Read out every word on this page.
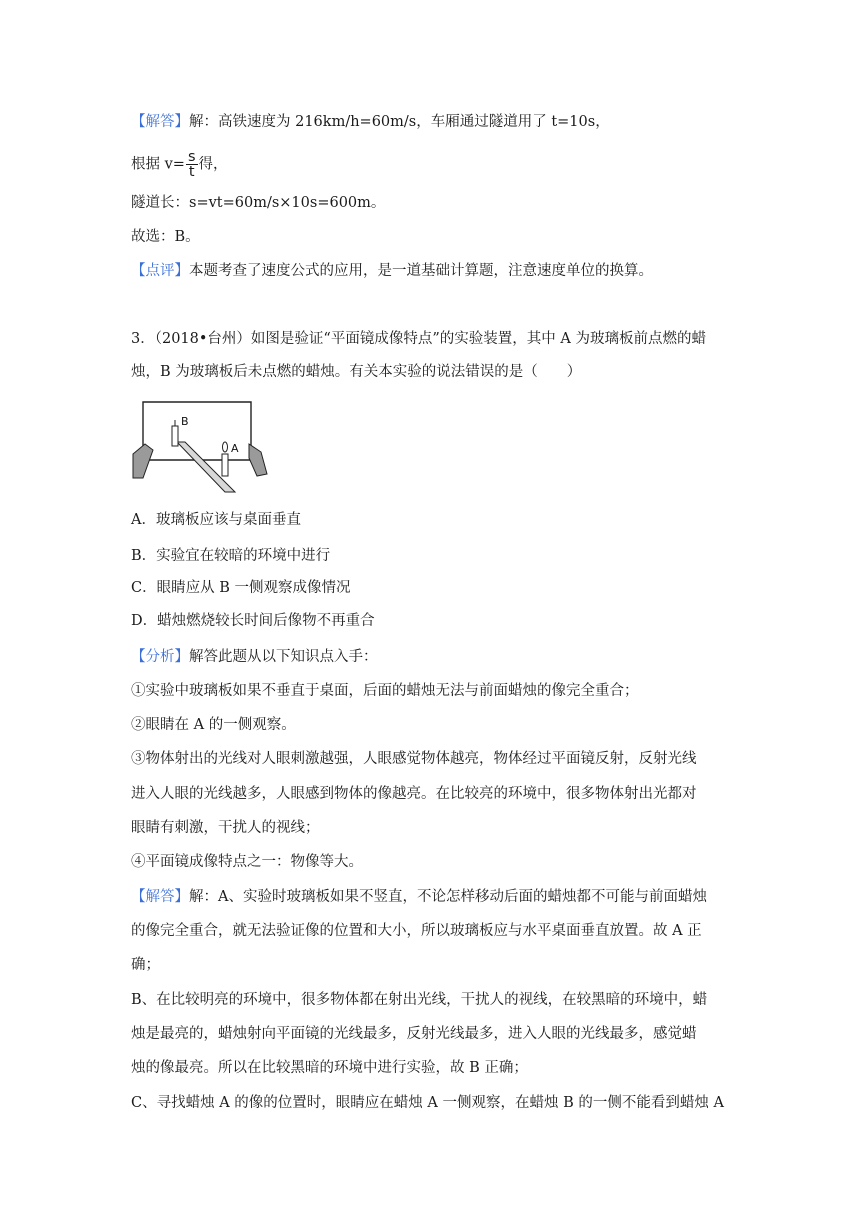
【解答】解：高铁速度为 216km/h=60m/s，车厢通过隧道用了 t=10s，
根据 $v= \frac{s}{t}$ 得，
隧道长：s=vt=60m/s×10s=600m。
故选：B。
【点评】本题考查了速度公式的应用，是一道基础计算题，注意速度单位的换算。
3．（2018•台州）如图是验证“平面镜成像特点”的实验装置，其中 A 为玻璃板前点燃的蜡
烛，B 为玻璃板后未点燃的蜡烛。有关本实验的说法错误的是（　　）
B
A
A．玻璃板应该与桌面垂直
B．实验宜在较暗的环境中进行
C．眼睛应从 B 一侧观察成像情况
D．蜡烛燃烧较长时间后像物不再重合
【分析】解答此题从以下知识点入手：
①实验中玻璃板如果不垂直于桌面，后面的蜡烛无法与前面蜡烛的像完全重合；
②眼睛在 A 的一侧观察。
③物体射出的光线对人眼刺激越强，人眼感觉物体越亮，物体经过平面镜反射，反射光线
进入人眼的光线越多，人眼感到物体的像越亮。在比较亮的环境中，很多物体射出光都对
眼睛有刺激，干扰人的视线；
④平面镜成像特点之一：物像等大。
【解答】解：A、实验时玻璃板如果不竖直，不论怎样移动后面的蜡烛都不可能与前面蜡烛
的像完全重合，就无法验证像的位置和大小，所以玻璃板应与水平桌面垂直放置。故 A 正
确；
B、在比较明亮的环境中，很多物体都在射出光线，干扰人的视线，在较黑暗的环境中，蜡
烛是最亮的，蜡烛射向平面镜的光线最多，反射光线最多，进入人眼的光线最多，感觉蜡
烛的像最亮。所以在比较黑暗的环境中进行实验，故 B 正确；
C、寻找蜡烛 A 的像的位置时，眼睛应在蜡烛 A 一侧观察，在蜡烛 B 的一侧不能看到蜡烛 A
